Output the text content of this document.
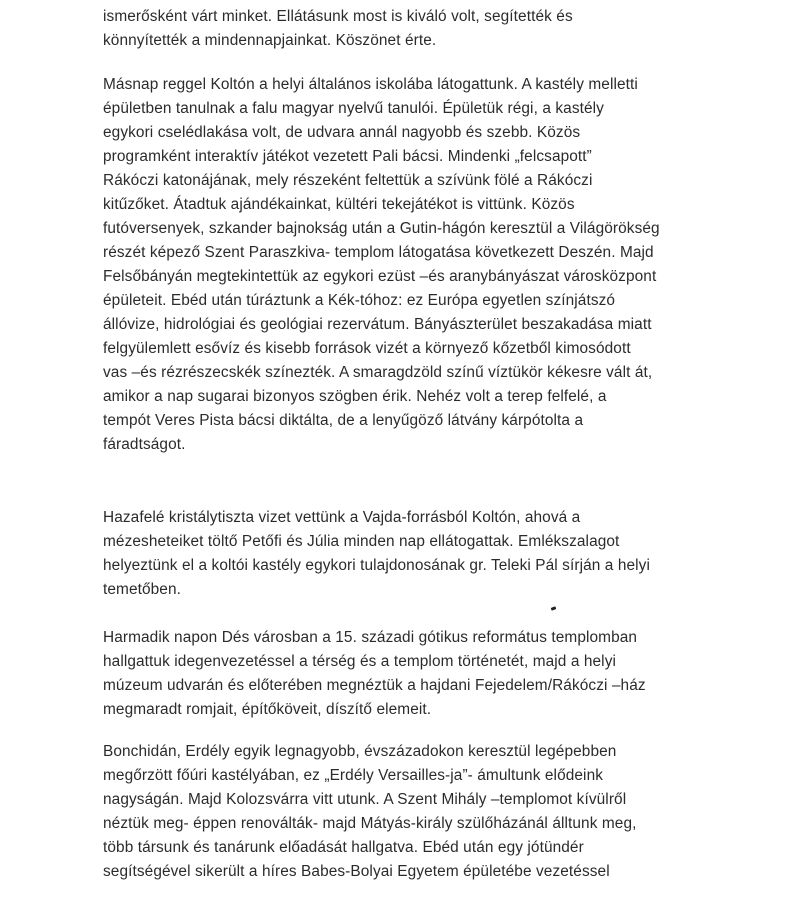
ismerősként várt minket. Ellátásunk most is kiváló volt, segítették és
könnyítették a mindennapjainkat. Köszönet érte.
Másnap reggel Koltón a helyi általános iskolába látogattunk. A kastély melletti
épületben tanulnak a falu magyar nyelvű tanulói. Épületük régi, a kastély
egykori cselédlakása volt, de udvara annál nagyobb és szebb. Közös
programként interaktív játékot vezetett Pali bácsi. Mindenki „felcsapott”
Rákóczi katonájának, mely részeként feltettük a szívünk fölé a Rákóczi
kitűzőket. Átadtuk ajándékainkat, kültéri tekejátékot is vittünk. Közös
futóversenyek, szkander bajnokság után a Gutin-hágón keresztül a Világörökség
részét képező Szent Paraszkiva- templom látogatása következett Deszén. Majd
Felsőbányán megtekintettük az egykori ezüst –és aranybányászat városközpont
épületeit. Ebéd után túráztunk a Kék-tóhoz: ez Európa egyetlen színjátszó
állóvize, hidrológiai és geológiai rezervátum. Bányászterület beszakadása miatt
felgyülemlett esővíz és kisebb források vizét a környező kőzetből kimosódott
vas –és rézrészecskék színezték. A smaragdzöld színű víztükör kékesre vált át,
amikor a nap sugarai bizonyos szögben érik. Nehéz volt a terep felfelé, a
tempót Veres Pista bácsi diktálta, de a lenyűgöző látvány kárpótolta a
fáradtságot.
Hazafelé kristálytiszta vizet vettünk a Vajda-forrásból Koltón, ahová a
mézesheteiket töltő Petőfi és Júlia minden nap ellátogattak. Emlékszalagot
helyeztünk el a koltói kastély egykori tulajdonosának gr. Teleki Pál sírján a helyi
temetőben.
Harmadik napon Dés városban a 15. századi gótikus református templomban
hallgattuk idegenvezetéssel a térség és a templom történetét, majd a helyi
múzeum udvarán és előterében megnéztük a hajdani Fejedelem/Rákóczi –ház
megmaradt romjait, építőköveit, díszítő elemeit.
Bonchidán, Erdély egyik legnagyobb, évszázadokon keresztül legépebben
megőrzött főúri kastélyában, ez „Erdély Versailles-ja”- ámultunk elődeink
nagyságán. Majd Kolozsvárra vitt utunk. A Szent Mihály –templomot kívülről
néztük meg- éppen renoválták- majd Mátyás-király szülőházánál álltunk meg,
több társunk és tanárunk előadását hallgatva. Ebéd után egy jótündér
segítségével sikerült a híres Babes-Bolyai Egyetem épületébe vezetéssel
